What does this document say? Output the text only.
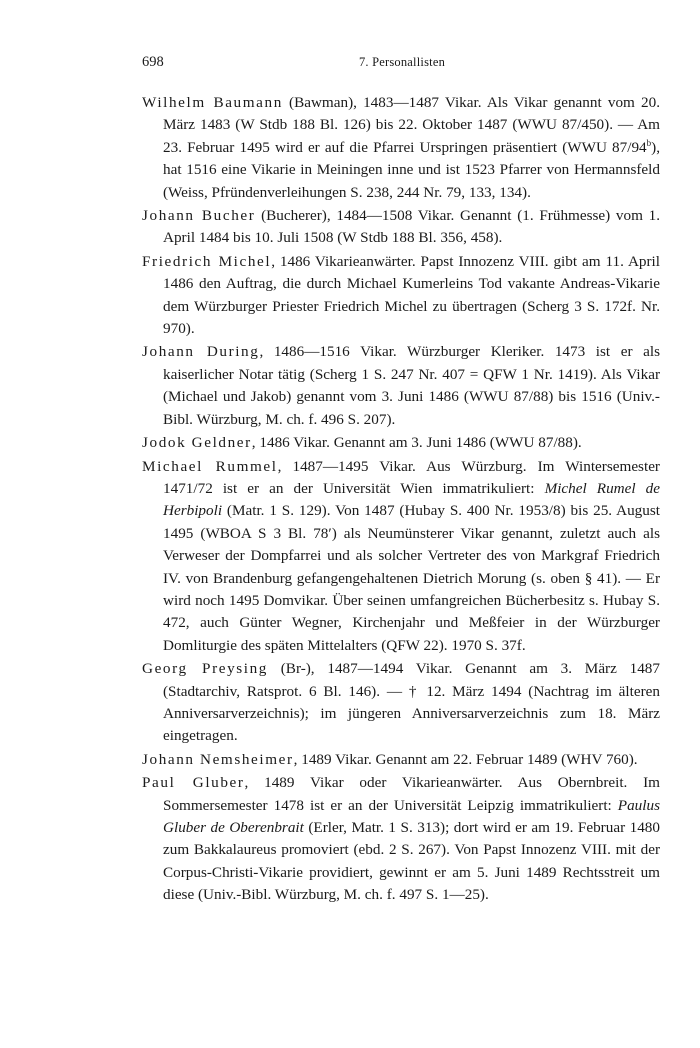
698	7. Personallisten

Wilhelm Baumann (Bawman), 1483—1487 Vikar. Als Vikar genannt vom 20. März 1483 (W Stdb 188 Bl. 126) bis 22. Oktober 1487 (WWU 87/450). — Am 23. Februar 1495 wird er auf die Pfarrei Urspringen präsentiert (WWU 87/94$^b$), hat 1516 eine Vikarie in Meiningen inne und ist 1523 Pfarrer von Hermannsfeld (Weiss, Pfründenverleihungen S. 238, 244 Nr. 79, 133, 134).

Johann Bucher (Bucherer), 1484—1508 Vikar. Genannt (1. Frühmesse) vom 1. April 1484 bis 10. Juli 1508 (W Stdb 188 Bl. 356, 458).

Friedrich Michel, 1486 Vikarieanwärter. Papst Innozenz VIII. gibt am 11. April 1486 den Auftrag, die durch Michael Kumerleins Tod vakante Andreas-Vikarie dem Würzburger Priester Friedrich Michel zu übertragen (Scherg 3 S. 172f. Nr. 970).

Johann During, 1486—1516 Vikar. Würzburger Kleriker. 1473 ist er als kaiserlicher Notar tätig (Scherg 1 S. 247 Nr. 407 = QFW 1 Nr. 1419). Als Vikar (Michael und Jakob) genannt vom 3. Juni 1486 (WWU 87/88) bis 1516 (Univ.-Bibl. Würzburg, M. ch. f. 496 S. 207).

Jodok Geldner, 1486 Vikar. Genannt am 3. Juni 1486 (WWU 87/88).

Michael Rummel, 1487—1495 Vikar. Aus Würzburg. Im Wintersemester 1471/72 ist er an der Universität Wien immatrikuliert: Michel Rumel de Herbipoli (Matr. 1 S. 129). Von 1487 (Hubay S. 400 Nr. 1953/8) bis 25. August 1495 (WBOA S 3 Bl. 78′) als Neumünsterer Vikar genannt, zuletzt auch als Verweser der Dompfarrei und als solcher Vertreter des von Markgraf Friedrich IV. von Brandenburg gefangengehaltenen Dietrich Morung (s. oben § 41). — Er wird noch 1495 Domvikar. Über seinen umfangreichen Bücherbesitz s. Hubay S. 472, auch Günter Wegner, Kirchenjahr und Meßfeier in der Würzburger Domliturgie des späten Mittelalters (QFW 22). 1970 S. 37f.

Georg Preysing (Br-), 1487—1494 Vikar. Genannt am 3. März 1487 (Stadtarchiv, Ratsprot. 6 Bl. 146). — † 12. März 1494 (Nachtrag im älteren Anniversarverzeichnis); im jüngeren Anniversarverzeichnis zum 18. März eingetragen.

Johann Nemsheimer, 1489 Vikar. Genannt am 22. Februar 1489 (WHV 760).

Paul Gluber, 1489 Vikar oder Vikarieanwärter. Aus Obernbreit. Im Sommersemester 1478 ist er an der Universität Leipzig immatrikuliert: Paulus Gluber de Oberenbrait (Erler, Matr. 1 S. 313); dort wird er am 19. Februar 1480 zum Bakkalaureus promoviert (ebd. 2 S. 267). Von Papst Innozenz VIII. mit der Corpus-Christi-Vikarie providiert, gewinnt er am 5. Juni 1489 Rechtsstreit um diese (Univ.-Bibl. Würzburg, M. ch. f. 497 S. 1—25).
